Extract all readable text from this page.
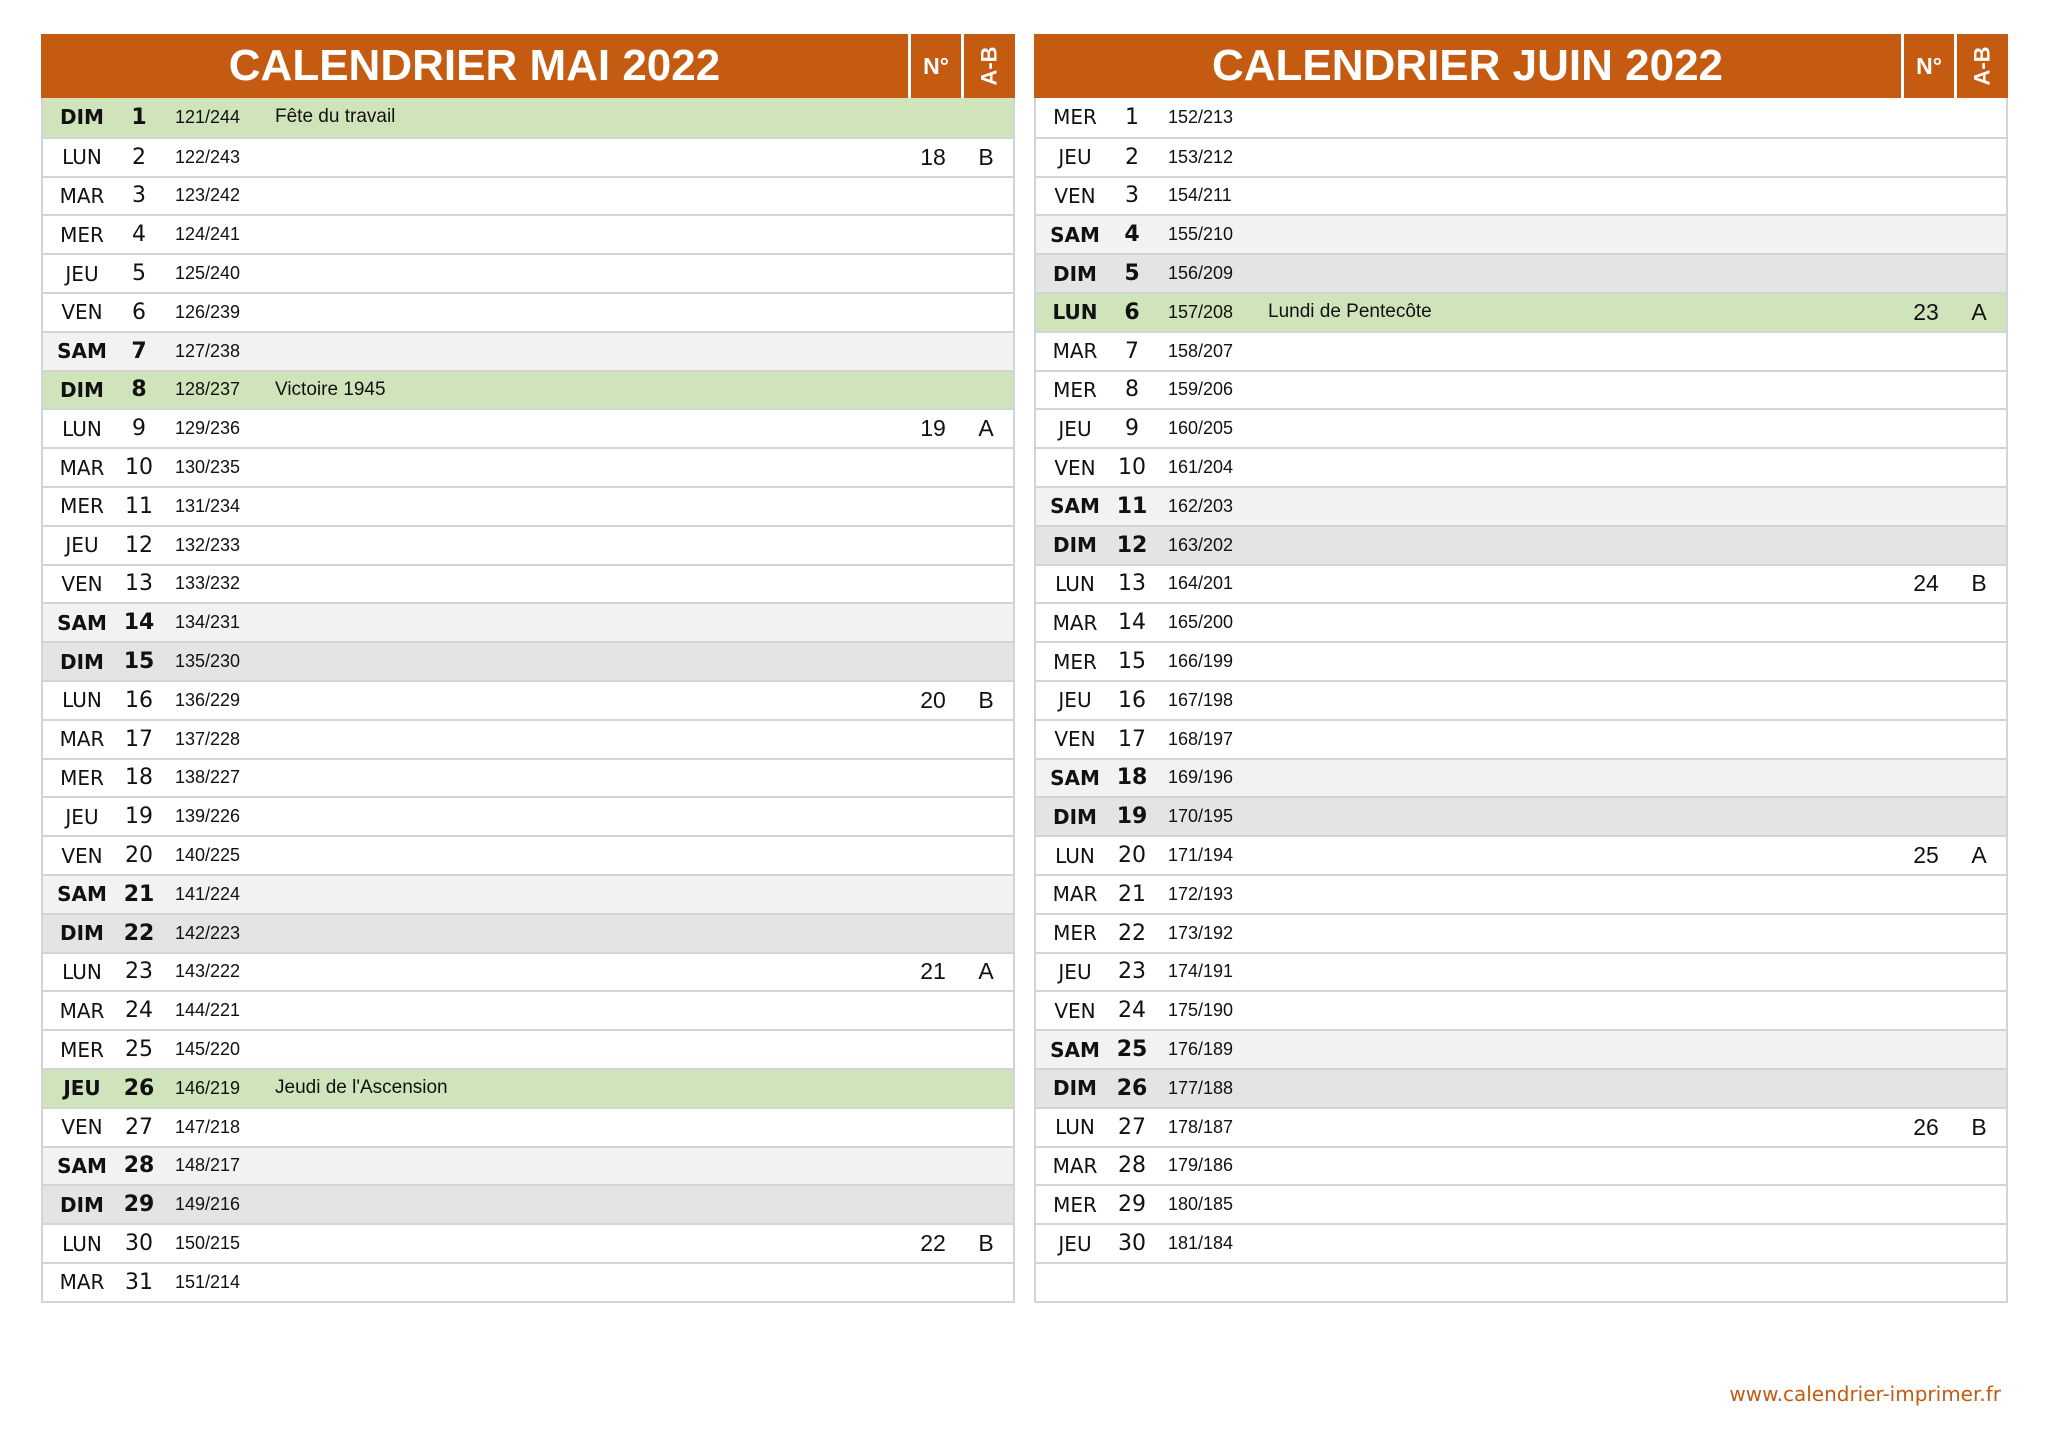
CALENDRIER MAI 2022	N°	A-B
DIM	1	121/244	Fête du travail
LUN	2	122/243	18	B
MAR	3	123/242
MER	4	124/241
JEU	5	125/240
VEN	6	126/239
SAM	7	127/238
DIM	8	128/237	Victoire 1945
LUN	9	129/236	19	A
MAR 10	130/235
MER 11	131/234
JEU	12	132/233
VEN	13	133/232
SAM 14	134/231
DIM 15	135/230
LUN	16	136/229	20	B
MAR 17	137/228
MER 18	138/227
JEU	19	139/226
VEN	20	140/225
SAM 21	141/224
DIM 22	142/223
LUN	23	143/222	21	A
MAR 24	144/221
MER 25	145/220
JEU	26	146/219	Jeudi de l'Ascension
VEN	27	147/218
SAM 28	148/217
DIM 29	149/216
LUN	30	150/215	22	B
MAR 31	151/214
CALENDRIER JUIN 2022	N°	A-B
MER	1	152/213
JEU	2	153/212
VEN	3	154/211
SAM	4	155/210
DIM	5	156/209
LUN	6	157/208	Lundi de Pentecôte	23	A
MAR	7	158/207
MER	8	159/206
JEU	9	160/205
VEN	10	161/204
SAM 11	162/203
DIM 12	163/202
LUN	13	164/201	24	B
MAR 14	165/200
MER 15	166/199
JEU	16	167/198
VEN	17	168/197
SAM 18	169/196
DIM 19	170/195
LUN	20	171/194	25	A
MAR 21	172/193
MER 22	173/192
JEU	23	174/191
VEN	24	175/190
SAM 25	176/189
DIM 26	177/188
LUN	27	178/187	26	B
MAR 28	179/186
MER 29	180/185
JEU	30	181/184
www.calendrier-imprimer.fr
